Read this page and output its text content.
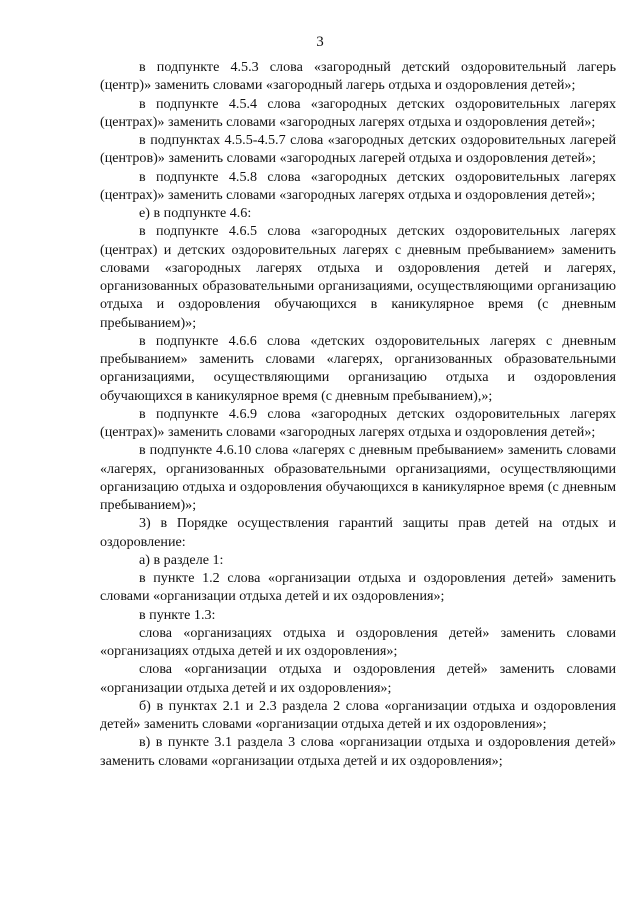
3

в подпункте 4.5.3 слова «загородный детский оздоровительный лагерь (центр)» заменить словами «загородный лагерь отдыха и оздоровления детей»;

в подпункте 4.5.4 слова «загородных детских оздоровительных лагерях (центрах)» заменить словами «загородных лагерях отдыха и оздоровления детей»;

в подпунктах 4.5.5-4.5.7 слова «загородных детских оздоровительных лагерей (центров)» заменить словами «загородных лагерей отдыха и оздоровления детей»;

в подпункте 4.5.8 слова «загородных детских оздоровительных лагерях (центрах)» заменить словами «загородных лагерях отдыха и оздоровления детей»;

е) в подпункте 4.6:

в подпункте 4.6.5 слова «загородных детских оздоровительных лагерях (центрах) и детских оздоровительных лагерях с дневным пребыванием» заменить словами «загородных лагерях отдыха и оздоровления детей и лагерях, организованных образовательными организациями, осуществляющими организацию отдыха и оздоровления обучающихся в каникулярное время (с дневным пребыванием)»;

в подпункте 4.6.6 слова «детских оздоровительных лагерях с дневным пребыванием» заменить словами «лагерях, организованных образовательными организациями, осуществляющими организацию отдыха и оздоровления обучающихся в каникулярное время (с дневным пребыванием),»;

в подпункте 4.6.9 слова «загородных детских оздоровительных лагерях (центрах)» заменить словами «загородных лагерях отдыха и оздоровления детей»;

в подпункте 4.6.10 слова «лагерях с дневным пребыванием» заменить словами «лагерях, организованных образовательными организациями, осуществляющими организацию отдыха и оздоровления обучающихся в каникулярное время (с дневным пребыванием)»;

3) в Порядке осуществления гарантий защиты прав детей на отдых и оздоровление:

а) в разделе 1:

в пункте 1.2 слова «организации отдыха и оздоровления детей» заменить словами «организации отдыха детей и их оздоровления»;

в пункте 1.3:

слова «организациях отдыха и оздоровления детей» заменить словами «организациях отдыха детей и их оздоровления»;

слова «организации отдыха и оздоровления детей» заменить словами «организации отдыха детей и их оздоровления»;

б) в пунктах 2.1 и 2.3 раздела 2 слова «организации отдыха и оздоровления детей» заменить словами «организации отдыха детей и их оздоровления»;

в) в пункте 3.1 раздела 3 слова «организации отдыха и оздоровления детей» заменить словами «организации отдыха детей и их оздоровления»;
